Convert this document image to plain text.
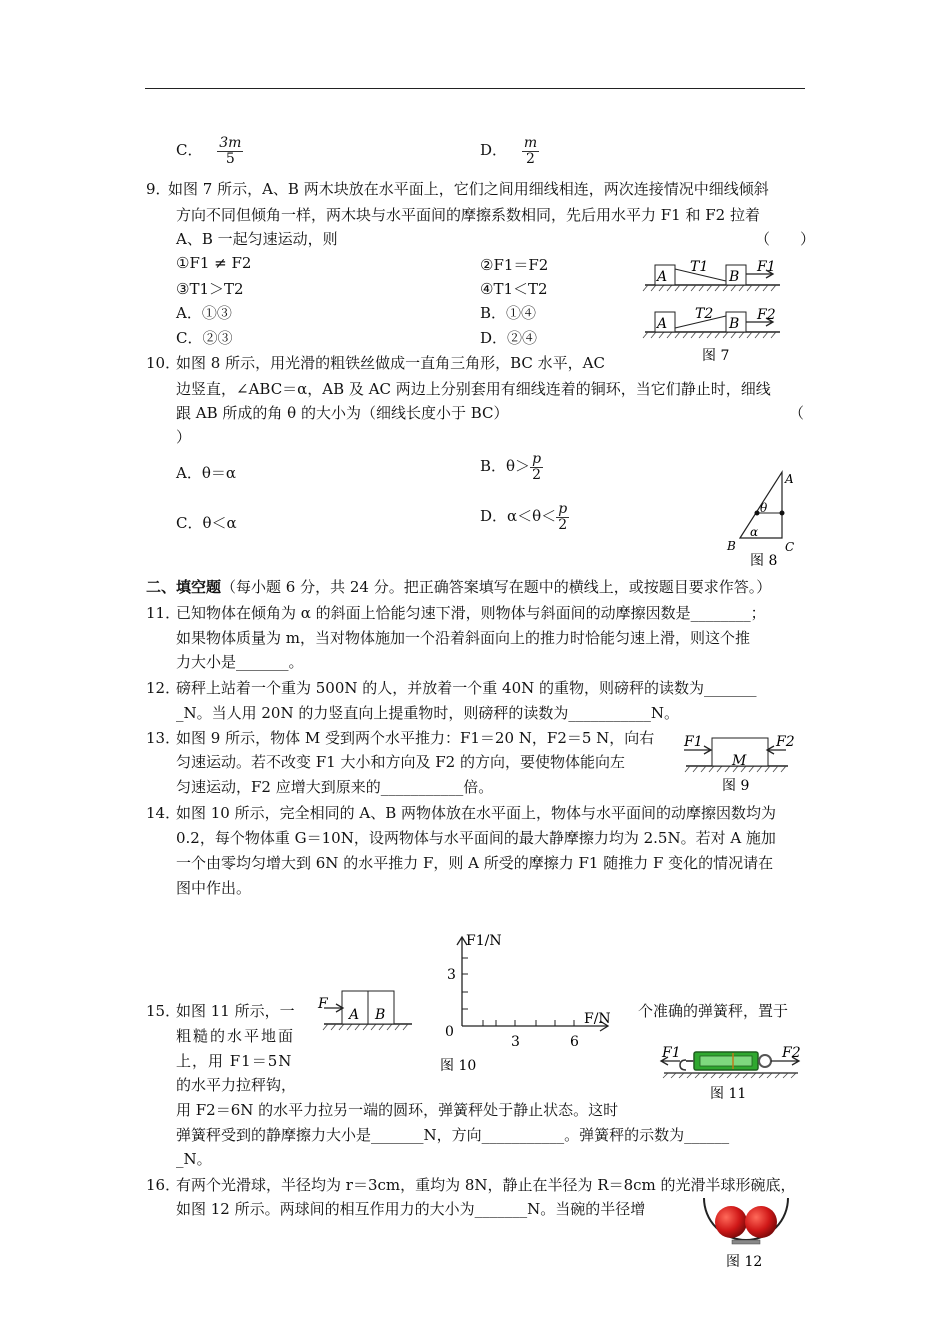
C． $\frac{3m}{5}$	D． $\frac{m}{2}$
9．
如图 7 所示，A、B 两木块放在水平面上，它们之间用细线相连，两次连接情况中细线倾斜
方向不同但倾角一样，两木块与水平面间的摩擦系数相同，先后用水平力 F1 和 F2 拉着
A、B 一起匀速运动，则	（　　）
①F1 ≠ F2	②F1＝F2
③T1＞T2	④T1＜T2
A．①③	B．①④
C．②③	D．②④
A
T1
B
F1
A
T2
B
F2
图 7
10．
如图 8 所示，用光滑的粗铁丝做成一直角三角形，BC 水平，AC
边竖直，∠ABC＝α，AB 及 AC 两边上分别套用有细线连着的铜环，当它们静止时，细线
跟 AB 所成的角 θ 的大小为（细线长度小于 BC）	（
）
A．θ＝α	B．$\theta> \frac{p}{2}$
C．θ＜α	D．$\alpha<\theta< \frac{p}{2}$	θ
α
A
B	C
图 8
二、填空题（每小题 6 分，共 24 分。把正确答案填写在题中的横线上，或按题目要求作答。）
11．
已知物体在倾角为 α 的斜面上恰能匀速下滑，则物体与斜面间的动摩擦因数是________；
如果物体质量为 m，当对物体施加一个沿着斜面向上的推力时恰能匀速上滑，则这个推
力大小是_______。
12．
磅秤上站着一个重为 500N 的人，并放着一个重 40N 的重物，则磅秤的读数为_______
_N。当人用 20N 的力竖直向上提重物时，则磅秤的读数为___________N。
13．
如图 9 所示，物体 M 受到两个水平推力：F1＝20 N，F2＝5 N，向右
匀速运动。若不改变 F1 大小和方向及 F2 的方向，要使物体能向左
匀速运动，F2 应增大到原来的___________倍。
M
F1	F2
图 9
14．
如图 10 所示，完全相同的 A、B 两物体放在水平面上，物体与水平面间的动摩擦因数均为
0.2，每个物体重 G＝10N，设两物体与水平面间的最大静摩擦力均为 2.5N。若对 A 施加
一个由零均匀增大到 6N 的水平推力 F，则 A 所受的摩擦力 F1 随推力 F 变化的情况请在
图中作出。
A B
F
F1/N
F/N
0
3
3	6
图 10
15．
如图 11 所示，一	个准确的弹簧秤，置于
粗糙的水平地面
上，用 F1＝5N
的水平力拉秤钩，
用 F2＝6N 的水平力拉另一端的圆环，弹簧秤处于静止状态。这时
弹簧秤受到的静摩擦力大小是_______N，方向___________。弹簧秤的示数为______
_N。
F1	F2
图 11
16．
有两个光滑球，半径均为 r＝3cm，重均为 8N，静止在半径为 R＝8cm 的光滑半球形碗底，
如图 12 所示。两球间的相互作用力的大小为_______N。当碗的半径增
图 12
